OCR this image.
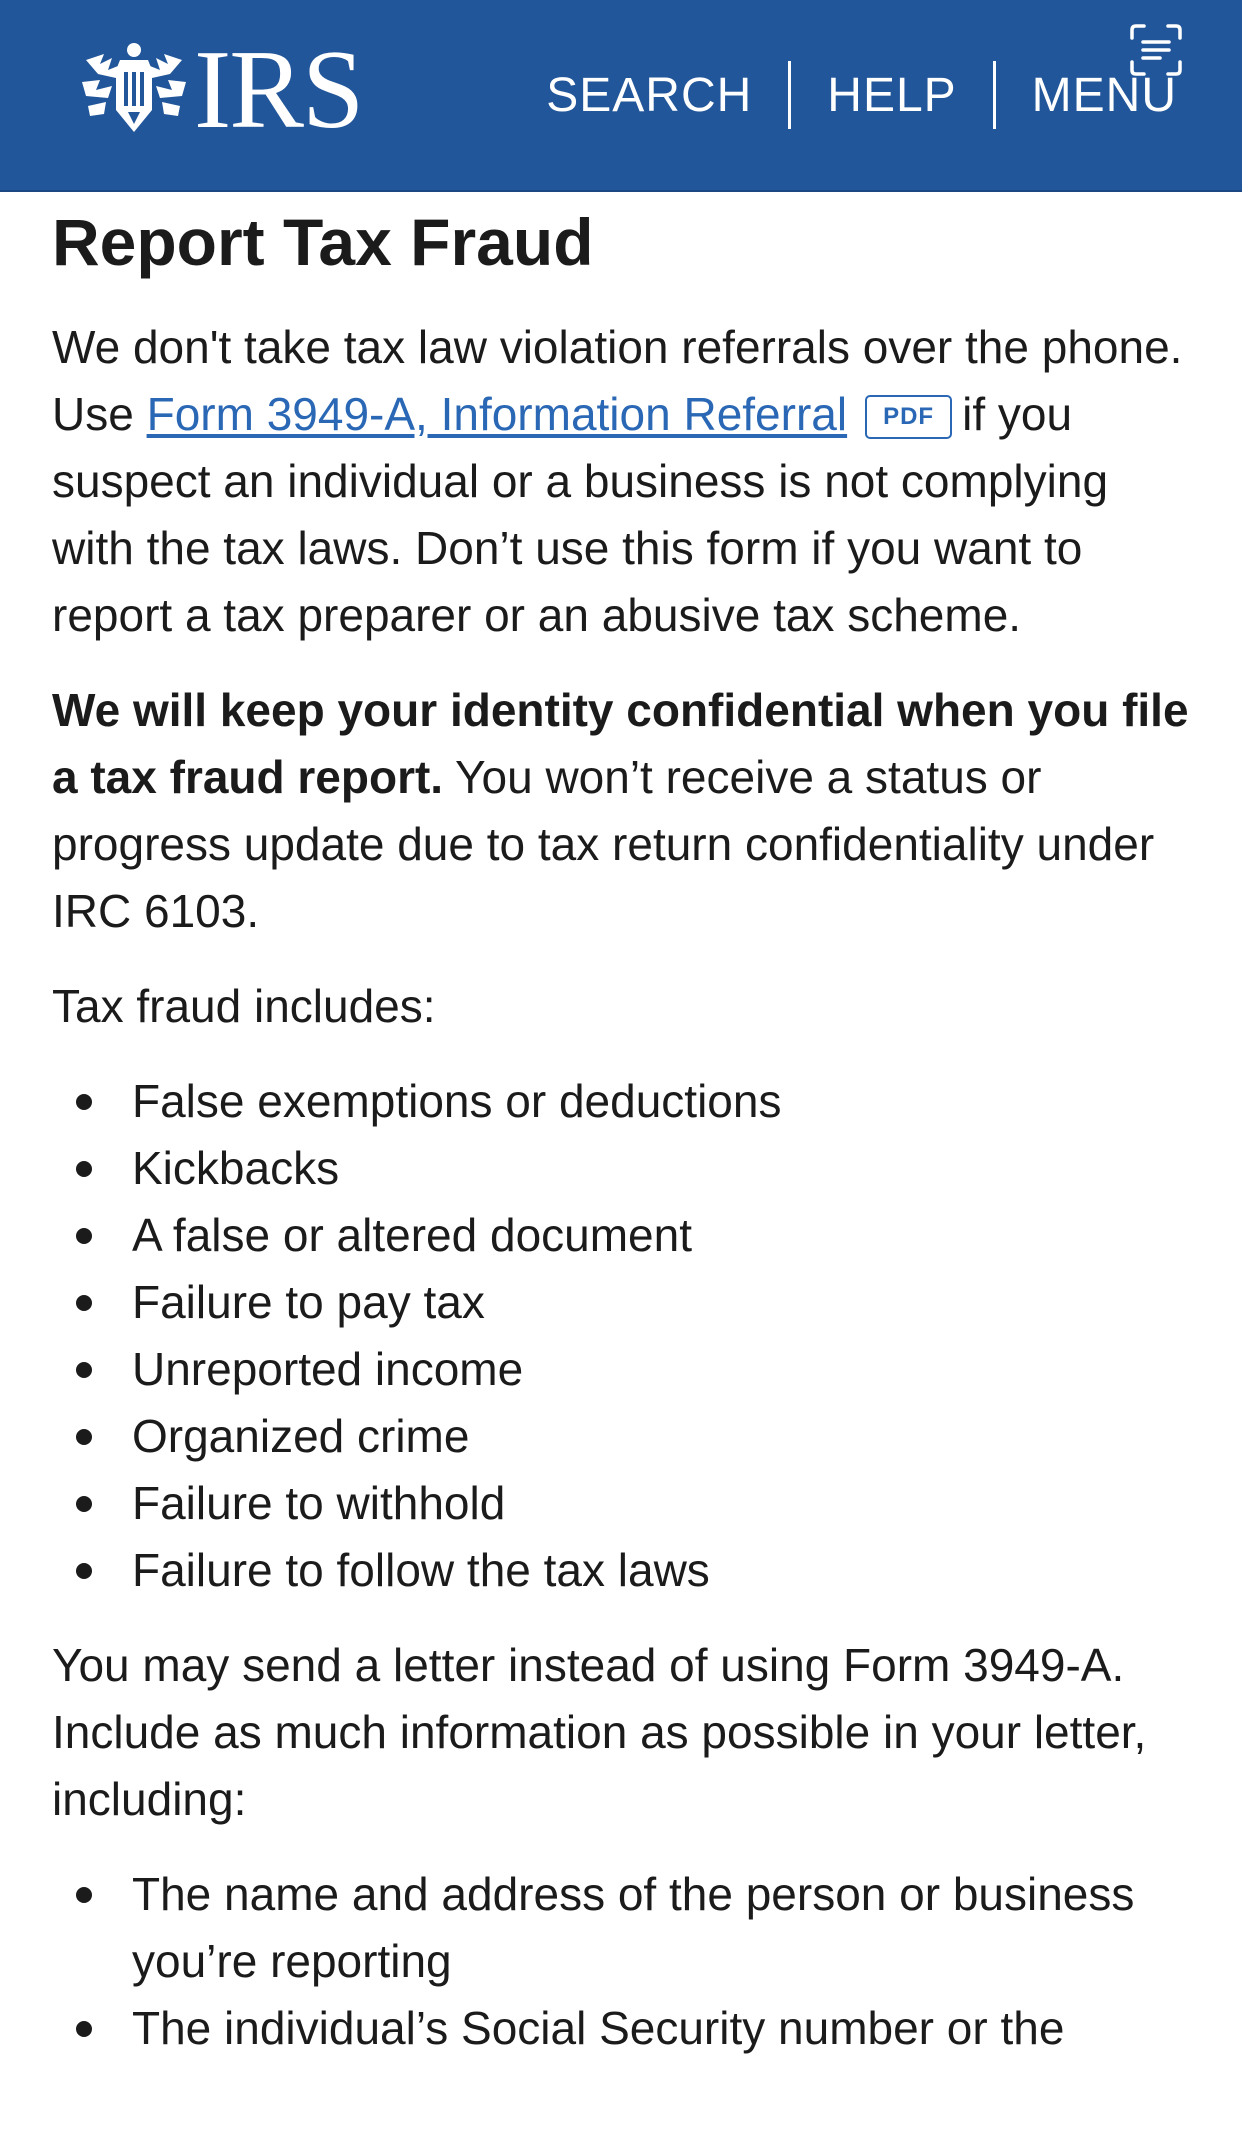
IRS	SEARCH HELP MENU
Report Tax Fraud

We don't take tax law violation referrals over the phone. Use Form 3949-A, Information Referral PDF if you suspect an individual or a business is not complying with the tax laws. Don’t use this form if you want to report a tax preparer or an abusive tax scheme.

We will keep your identity confidential when you file a tax fraud report. You won’t receive a status or progress update due to tax return confidentiality under IRC 6103.

Tax fraud includes:

False exemptions or deductions
Kickbacks
A false or altered document
Failure to pay tax
Unreported income
Organized crime
Failure to withhold
Failure to follow the tax laws

You may send a letter instead of using Form 3949-A. Include as much information as possible in your letter, including:

The name and address of the person or business you’re reporting
The individual’s Social Security number or the
